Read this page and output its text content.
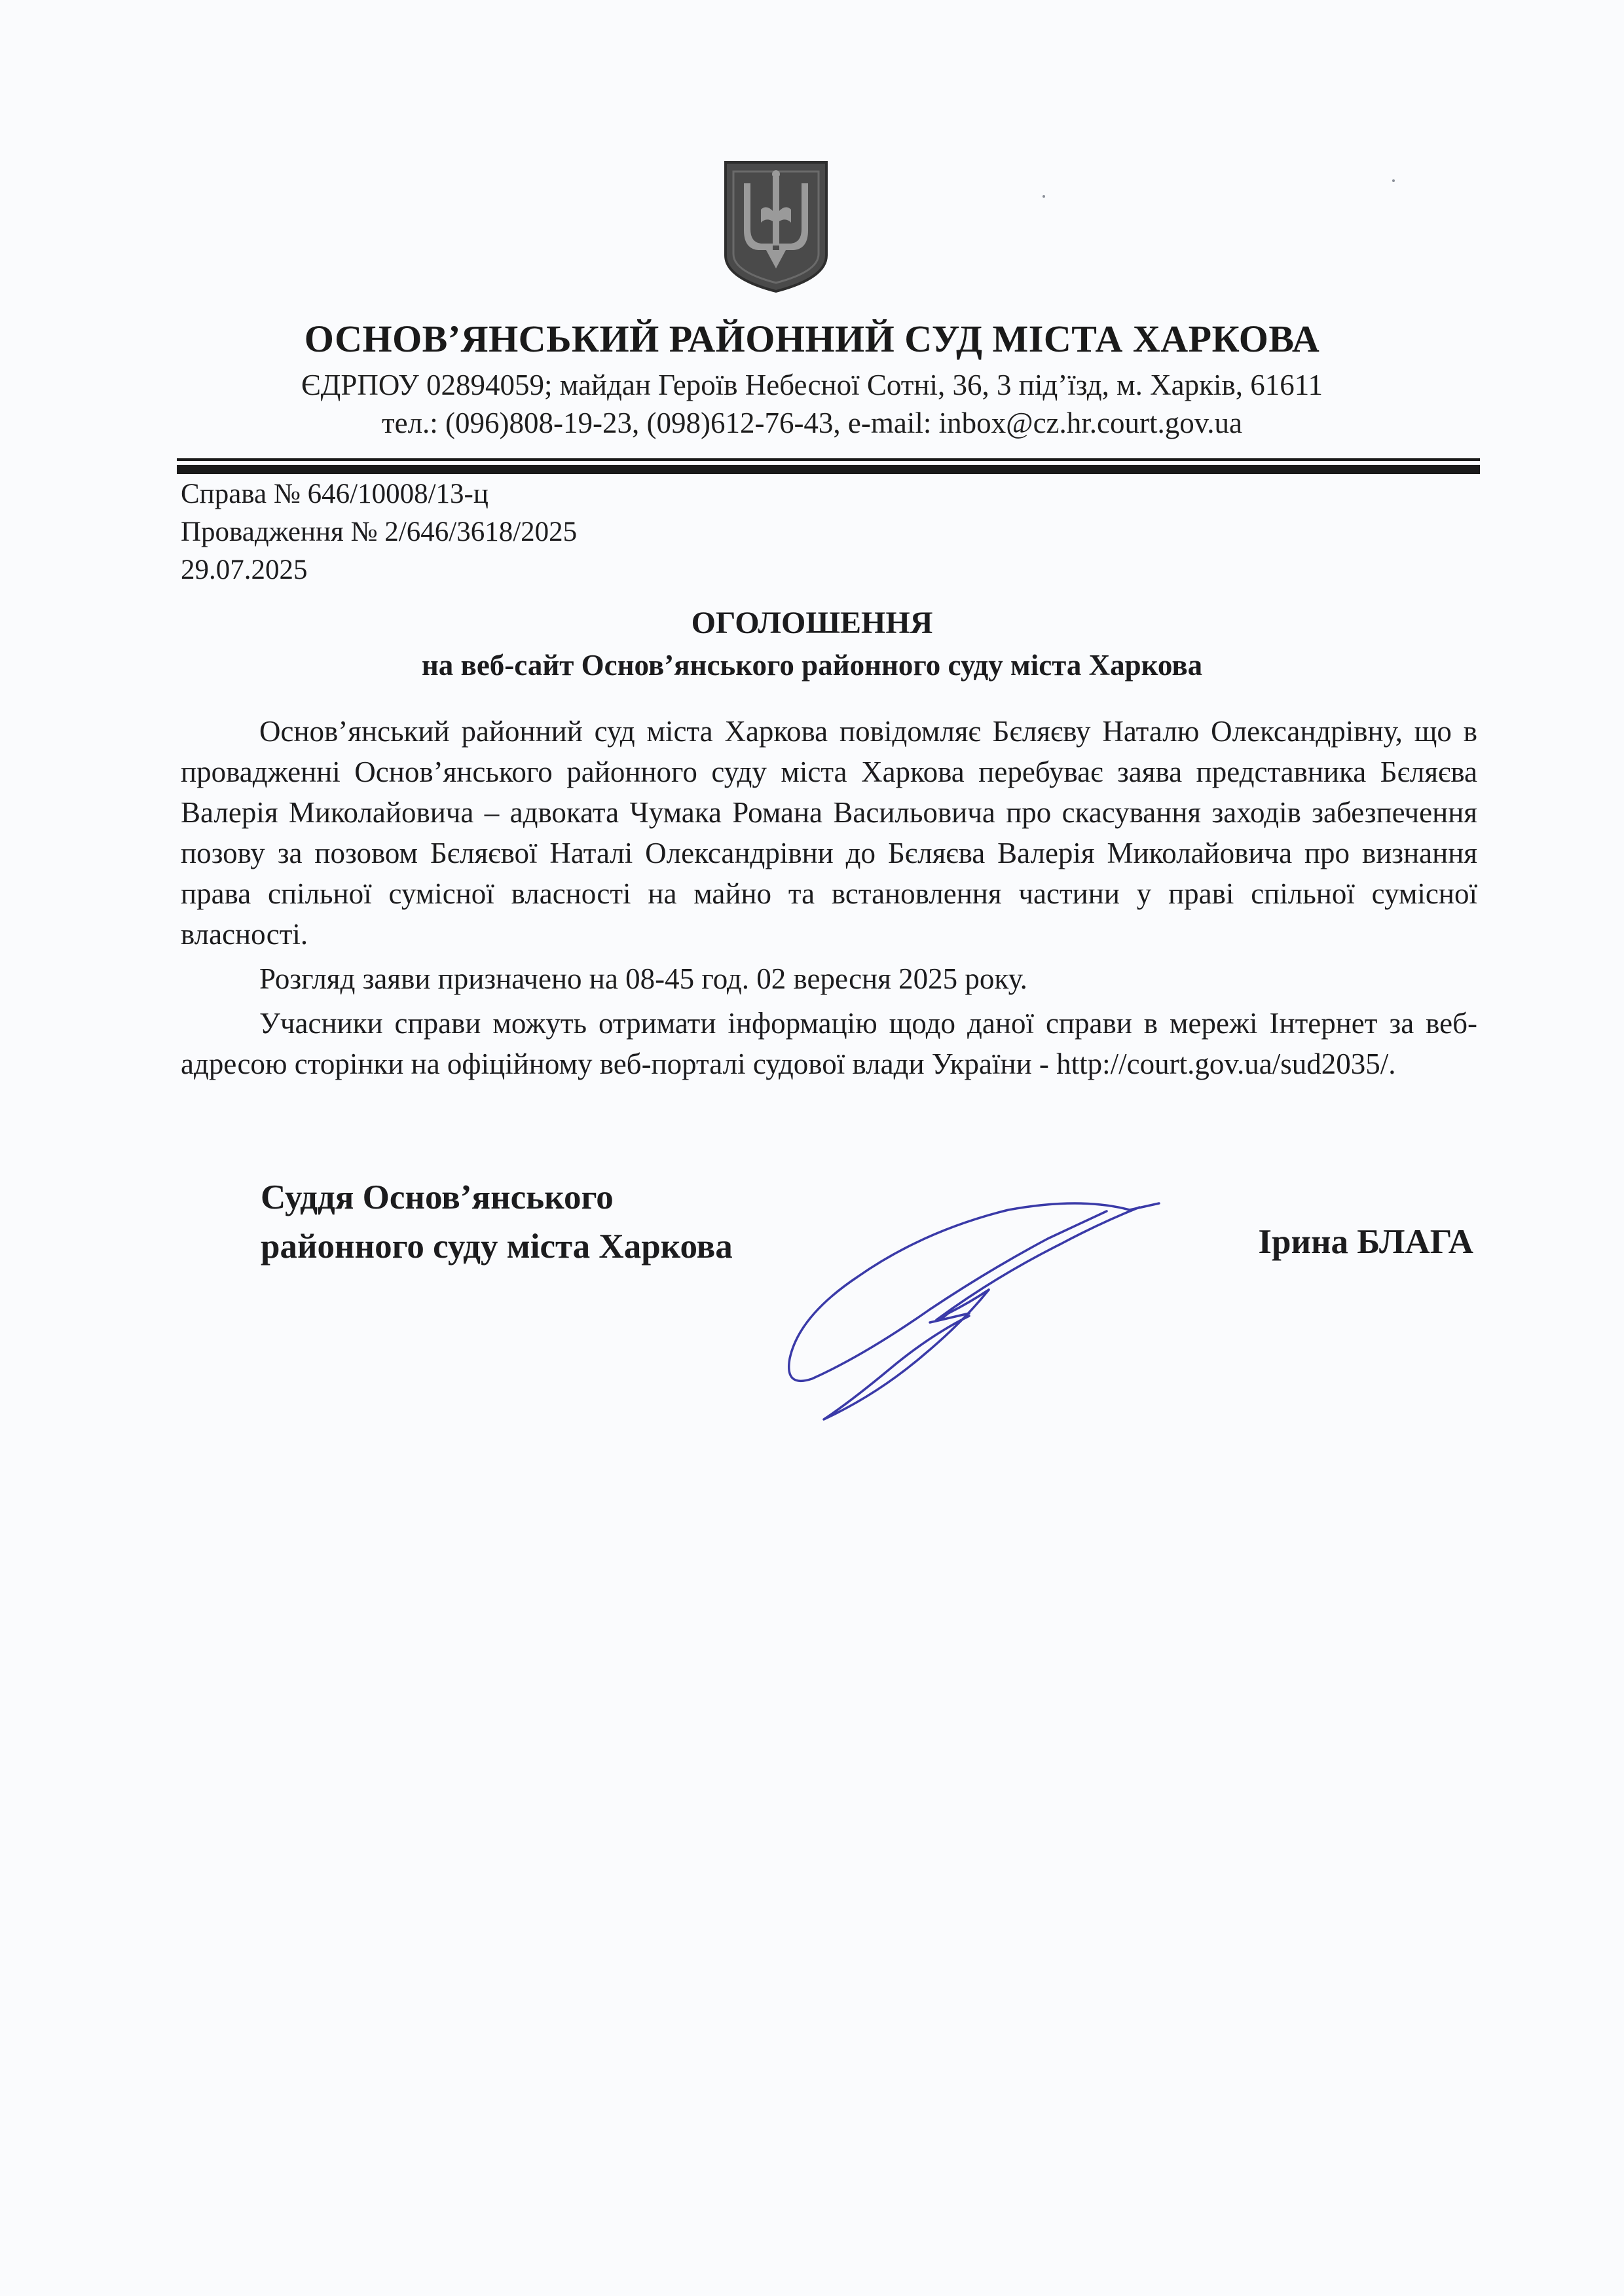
ОСНОВ’ЯНСЬКИЙ РАЙОННИЙ СУД МІСТА ХАРКОВА

ЄДРПОУ 02894059; майдан Героїв Небесної Сотні, 36, 3 під’їзд, м. Харків, 61611

тел.: (096)808-19-23, (098)612-76-43, e-mail: inbox@cz.hr.court.gov.ua

Справа № 646/10008/13-ц
Провадження № 2/646/3618/2025
29.07.2025
ОГОЛОШЕННЯ
на веб-сайт Основ’янського районного суду міста Харкова

Основ’янський районний суд міста Харкова повідомляє Бєляєву Наталю Олександрівну, що в провадженні Основ’янського районного суду міста Харкова перебуває заява представника Бєляєва Валерія Миколайовича – адвоката Чумака Романа Васильовича про скасування заходів забезпечення позову за позовом Бєляєвої Наталі Олександрівни до Бєляєва Валерія Миколайовича про визнання права спільної сумісної власності на майно та встановлення частини у праві спільної сумісної власності.

Розгляд заяви призначено на 08-45 год. 02 вересня 2025 року.

Учасники справи можуть отримати інформацію щодо даної справи в мережі Інтернет за веб-адресою сторінки на офіційному веб-порталі судової влади України - http://court.gov.ua/sud2035/.

Суддя Основ’янського
районного суду міста Харкова	Ірина БЛАГА
